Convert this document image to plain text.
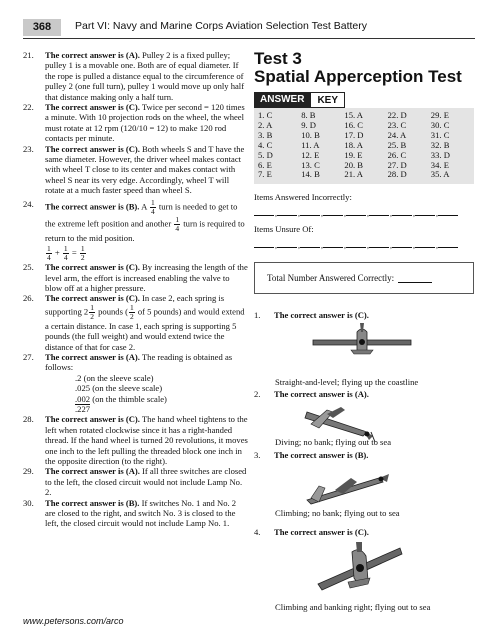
368	Part VI: Navy and Marine Corps Aviation Selection Test Battery
21. The correct answer is (A). Pulley 2 is a fixed pulley; pulley 1 is a movable one. Both are of equal diameter. If the rope is pulled a distance equal to the circumference of pulley 2 (one full turn), pulley 1 would move up only half that distance making only a half turn.
22. The correct answer is (C). Twice per second = 120 times a minute. With 10 projection rods on the wheel, the wheel must rotate at 12 rpm (120/10 = 12) to make 120 rod contacts per minute.
23. The correct answer is (C). Both wheels S and T have the same diameter. However, the driver wheel makes contact with wheel T close to its center and makes contact with wheel S near its very edge. Accordingly, wheel T will rotate at a much faster speed than wheel S.
24. The correct answer is (B). A $\frac{1}{4}$ turn is needed to get to the extreme left position and another $\frac{1}{4}$ turn is required to return to the mid position.
$\frac{1}{4} + \frac{1}{4} = \frac{1}{2}$
25. The correct answer is (C). By increasing the length of the level arm, the effort is increased enabling the valve to blow off at a higher pressure.
26. The correct answer is (C). In case 2, each spring is supporting $2 \frac{1}{2}$ pounds ( $\frac{1}{2}$ of 5 pounds) and would extend a certain distance. In case 1, each spring is supporting 5 pounds (the full weight) and would extend twice the distance of that for case 2.
27. The correct answer is (A). The reading is obtained as follows:
.2 (on the sleeve scale)
.025 (on the sleeve scale)
.002 (on the thimble scale)
.227
28. The correct answer is (C). The hand wheel tightens to the left when rotated clockwise since it has a right-handed thread. If the hand wheel is turned 20 revolutions, it moves one inch to the left pulling the threaded block one inch in the opposite direction (to the right).
29. The correct answer is (A). If all three switches are closed to the left, the closed circuit would not include Lamp No. 2.
30. The correct answer is (B). If switches No. 1 and No. 2 are closed to the right, and switch No. 3 is closed to the left, the closed circuit would not include Lamp No. 1.
Test 3
Spatial Apperception Test
ANSWER	KEY
1. C
2. A
3. B
4. C
5. D
6. E
7. E
8. B
9. D
10. B
11. A
12. E
13. C
14. B
15. A
16. C
17. D
18. A
19. E
20. B
21. A
22. D
23. C
24. A
25. B
26. C
27. D
28. D
29. E
30. C
31. C
32. B
33. D
34. E
35. A
Items Answered Incorrectly:
,
,
,
,
,
,
,
,
Items Unsure Of:
,
,
,
,
,
,
,
,
Total Number Answered Correctly:
1. The correct answer is (C).
Straight-and-level; flying up the coastline
2. The correct answer is (A).
Diving; no bank; flying out to sea
3. The correct answer is (B).
Climbing; no bank; flying out to sea
4. The correct answer is (C).
Climbing and banking right; flying out to sea
www.petersons.com/arco
